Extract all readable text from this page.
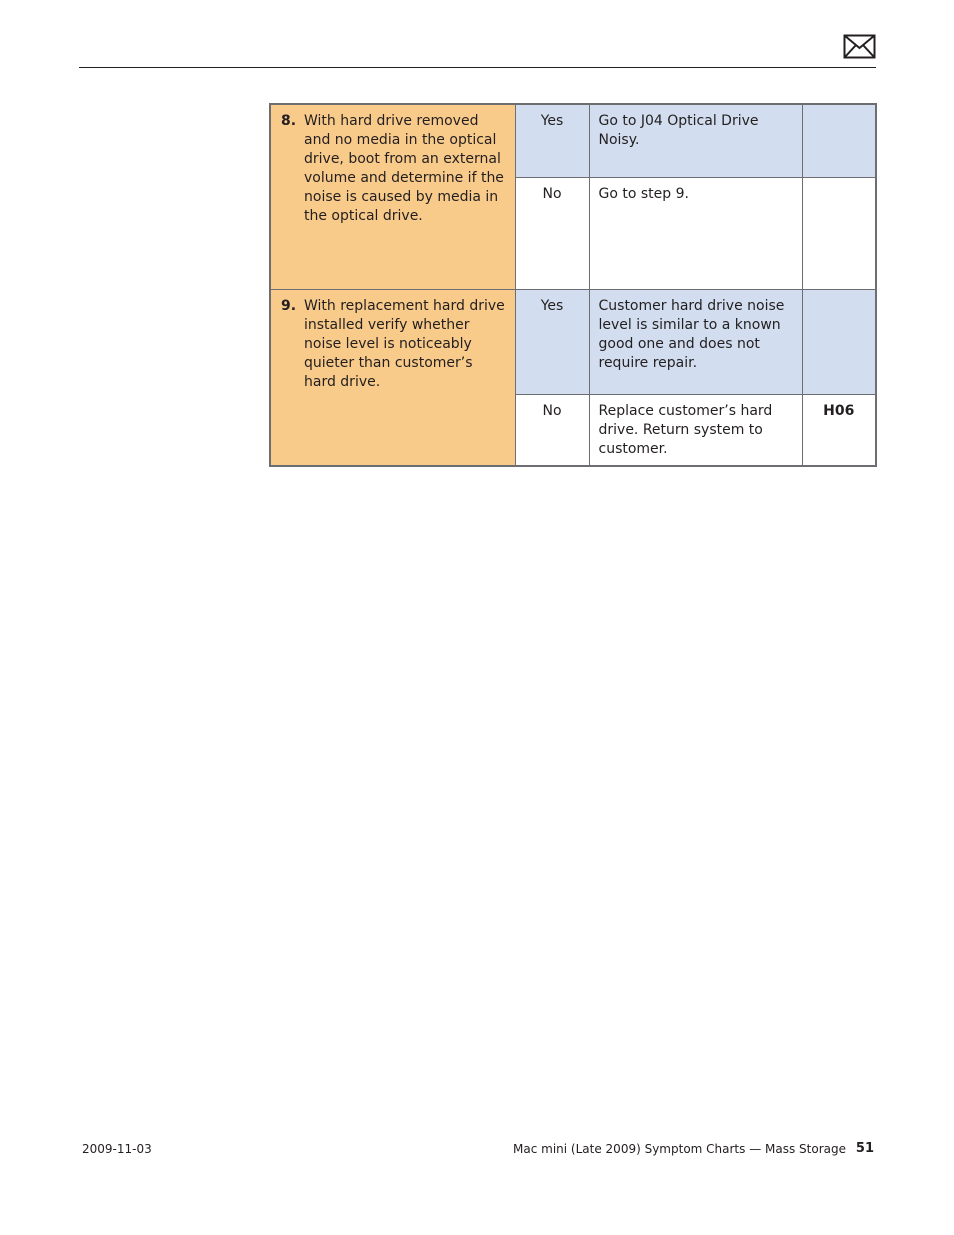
8. With hard drive removed and no media in the optical drive, boot from an external volume and determine if the noise is caused by media in the optical drive.	Yes	Go to J04 Optical Drive Noisy.	
	No	Go to step 9.	

9. With replacement hard drive installed verify whether noise level is noticeably quieter than customer’s hard drive.	Yes	Customer hard drive noise level is similar to a known good one and does not require repair.	
	No	Replace customer’s hard drive. Return system to customer.	H06
2009-11-03	Mac mini (Late 2009) Symptom Charts — Mass Storage 51
